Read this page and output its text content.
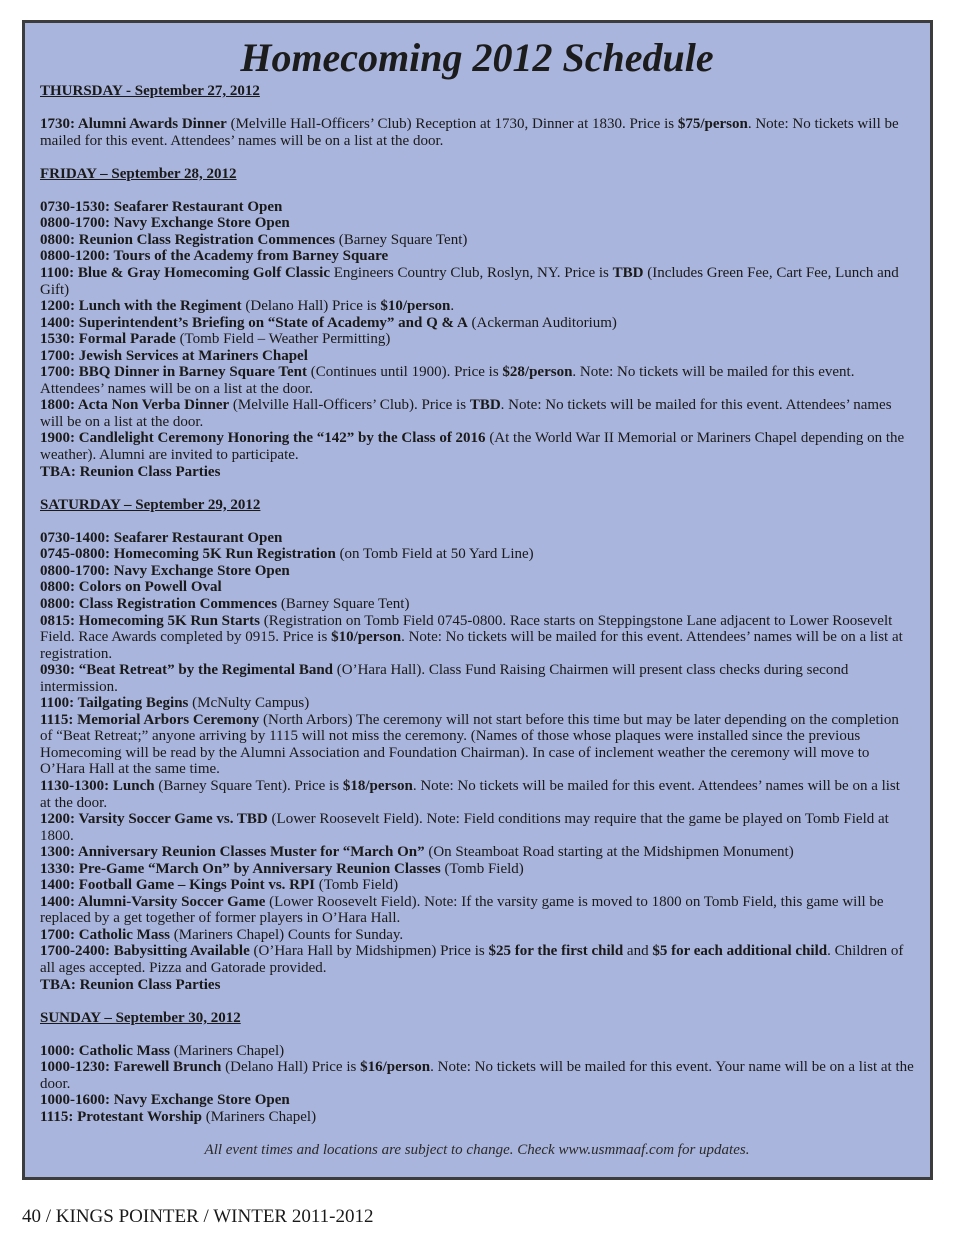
Homecoming 2012 Schedule
THURSDAY - September 27, 2012
1730: Alumni Awards Dinner (Melville Hall-Officers’ Club) Reception at 1730, Dinner at 1830. Price is $75/person. Note: No tickets will be mailed for this event. Attendees’ names will be on a list at the door.
FRIDAY – September 28, 2012
0730-1530: Seafarer Restaurant Open
0800-1700: Navy Exchange Store Open
0800: Reunion Class Registration Commences (Barney Square Tent)
0800-1200: Tours of the Academy from Barney Square
1100: Blue & Gray Homecoming Golf Classic Engineers Country Club, Roslyn, NY. Price is TBD (Includes Green Fee, Cart Fee, Lunch and Gift)
1200: Lunch with the Regiment (Delano Hall) Price is $10/person.
1400: Superintendent’s Briefing on “State of Academy” and Q & A (Ackerman Auditorium)
1530: Formal Parade (Tomb Field – Weather Permitting)
1700: Jewish Services at Mariners Chapel
1700: BBQ Dinner in Barney Square Tent (Continues until 1900). Price is $28/person. Note: No tickets will be mailed for this event. Attendees’ names will be on a list at the door.
1800: Acta Non Verba Dinner (Melville Hall-Officers’ Club). Price is TBD. Note: No tickets will be mailed for this event. Attendees’ names will be on a list at the door.
1900: Candlelight Ceremony Honoring the “142” by the Class of 2016 (At the World War II Memorial or Mariners Chapel depending on the weather). Alumni are invited to participate.
TBA: Reunion Class Parties
SATURDAY – September 29, 2012
0730-1400: Seafarer Restaurant Open
0745-0800: Homecoming 5K Run Registration (on Tomb Field at 50 Yard Line)
0800-1700: Navy Exchange Store Open
0800: Colors on Powell Oval
0800: Class Registration Commences (Barney Square Tent)
0815: Homecoming 5K Run Starts (Registration on Tomb Field 0745-0800. Race starts on Steppingstone Lane adjacent to Lower Roosevelt Field. Race Awards completed by 0915. Price is $10/person. Note: No tickets will be mailed for this event. Attendees’ names will be on a list at registration.
0930: “Beat Retreat” by the Regimental Band (O’Hara Hall). Class Fund Raising Chairmen will present class checks during second intermission.
1100: Tailgating Begins (McNulty Campus)
1115: Memorial Arbors Ceremony (North Arbors) The ceremony will not start before this time but may be later depending on the completion of “Beat Retreat;” anyone arriving by 1115 will not miss the ceremony. (Names of those whose plaques were installed since the previous Homecoming will be read by the Alumni Association and Foundation Chairman). In case of inclement weather the ceremony will move to O’Hara Hall at the same time.
1130-1300: Lunch (Barney Square Tent). Price is $18/person. Note: No tickets will be mailed for this event. Attendees’ names will be on a list at the door.
1200: Varsity Soccer Game vs. TBD (Lower Roosevelt Field). Note: Field conditions may require that the game be played on Tomb Field at 1800.
1300: Anniversary Reunion Classes Muster for “March On” (On Steamboat Road starting at the Midshipmen Monument)
1330: Pre-Game “March On” by Anniversary Reunion Classes (Tomb Field)
1400: Football Game – Kings Point vs. RPI (Tomb Field)
1400: Alumni-Varsity Soccer Game (Lower Roosevelt Field). Note: If the varsity game is moved to 1800 on Tomb Field, this game will be replaced by a get together of former players in O’Hara Hall.
1700: Catholic Mass (Mariners Chapel) Counts for Sunday.
1700-2400: Babysitting Available (O’Hara Hall by Midshipmen) Price is $25 for the first child and $5 for each additional child. Children of all ages accepted. Pizza and Gatorade provided.
TBA: Reunion Class Parties
SUNDAY – September 30, 2012
1000: Catholic Mass (Mariners Chapel)
1000-1230: Farewell Brunch (Delano Hall) Price is $16/person. Note: No tickets will be mailed for this event. Your name will be on a list at the door.
1000-1600: Navy Exchange Store Open
1115: Protestant Worship (Mariners Chapel)
All event times and locations are subject to change. Check www.usmmaaf.com for updates.
40 / KINGS POINTER / WINTER 2011-2012
